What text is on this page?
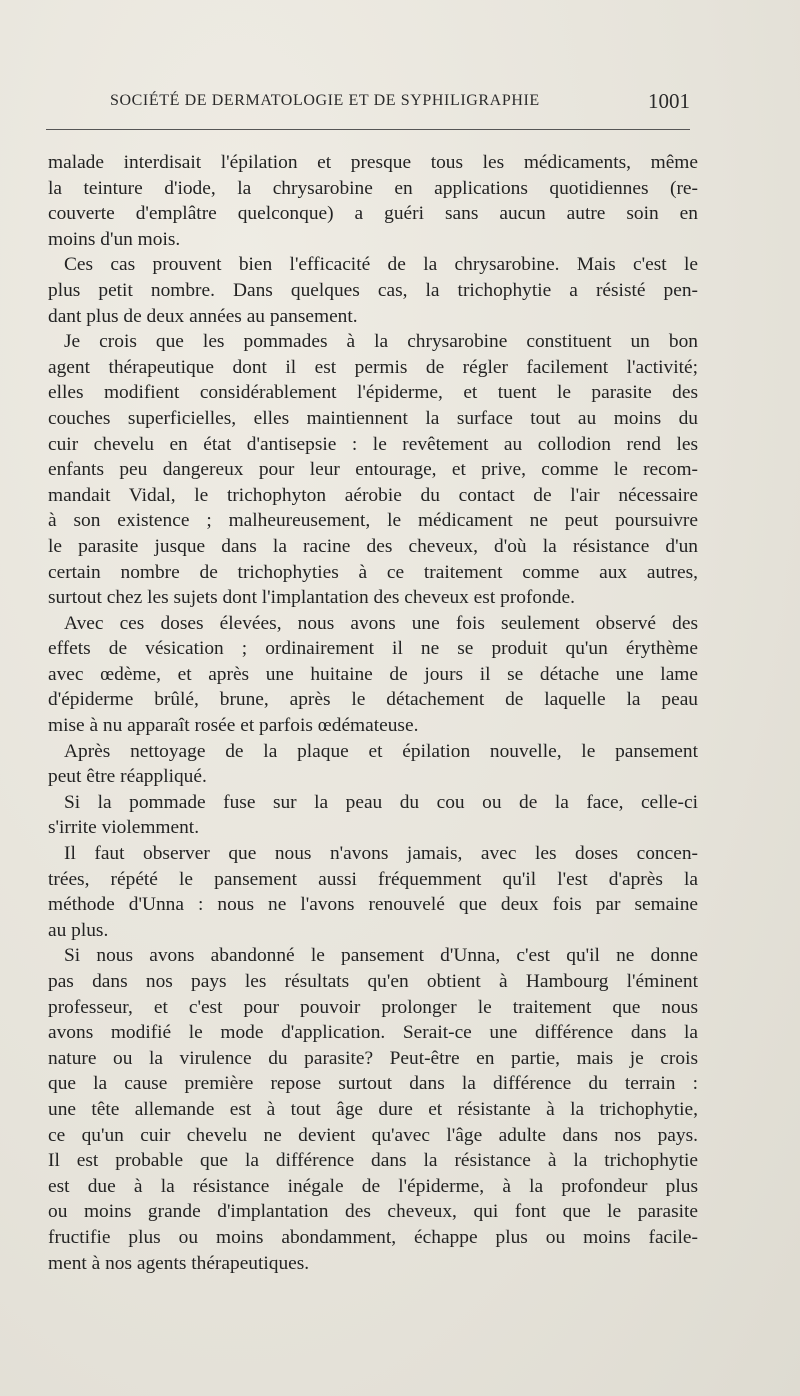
SOCIÉTÉ DE DERMATOLOGIE ET DE SYPHILIGRAPHIE	1001
malade interdisait l'épilation et presque tous les médicaments, même
la teinture d'iode, la chrysarobine en applications quotidiennes (re-
couverte d'emplâtre quelconque) a guéri sans aucun autre soin en
moins d'un mois.
Ces cas prouvent bien l'efficacité de la chrysarobine. Mais c'est le
plus petit nombre. Dans quelques cas, la trichophytie a résisté pen-
dant plus de deux années au pansement.
Je crois que les pommades à la chrysarobine constituent un bon
agent thérapeutique dont il est permis de régler facilement l'activité;
elles modifient considérablement l'épiderme, et tuent le parasite des
couches superficielles, elles maintiennent la surface tout au moins du
cuir chevelu en état d'antisepsie : le revêtement au collodion rend les
enfants peu dangereux pour leur entourage, et prive, comme le recom-
mandait Vidal, le trichophyton aérobie du contact de l'air nécessaire
à son existence ; malheureusement, le médicament ne peut poursuivre
le parasite jusque dans la racine des cheveux, d'où la résistance d'un
certain nombre de trichophyties à ce traitement comme aux autres,
surtout chez les sujets dont l'implantation des cheveux est profonde.
Avec ces doses élevées, nous avons une fois seulement observé des
effets de vésication ; ordinairement il ne se produit qu'un érythème
avec œdème, et après une huitaine de jours il se détache une lame
d'épiderme brûlé, brune, après le détachement de laquelle la peau
mise à nu apparaît rosée et parfois œdémateuse.
Après nettoyage de la plaque et épilation nouvelle, le pansement
peut être réappliqué.
Si la pommade fuse sur la peau du cou ou de la face, celle-ci
s'irrite violemment.
Il faut observer que nous n'avons jamais, avec les doses concen-
trées, répété le pansement aussi fréquemment qu'il l'est d'après la
méthode d'Unna : nous ne l'avons renouvelé que deux fois par semaine
au plus.
Si nous avons abandonné le pansement d'Unna, c'est qu'il ne donne
pas dans nos pays les résultats qu'en obtient à Hambourg l'éminent
professeur, et c'est pour pouvoir prolonger le traitement que nous
avons modifié le mode d'application. Serait-ce une différence dans la
nature ou la virulence du parasite? Peut-être en partie, mais je crois
que la cause première repose surtout dans la différence du terrain :
une tête allemande est à tout âge dure et résistante à la trichophytie,
ce qu'un cuir chevelu ne devient qu'avec l'âge adulte dans nos pays.
Il est probable que la différence dans la résistance à la trichophytie
est due à la résistance inégale de l'épiderme, à la profondeur plus
ou moins grande d'implantation des cheveux, qui font que le parasite
fructifie plus ou moins abondamment, échappe plus ou moins facile-
ment à nos agents thérapeutiques.
